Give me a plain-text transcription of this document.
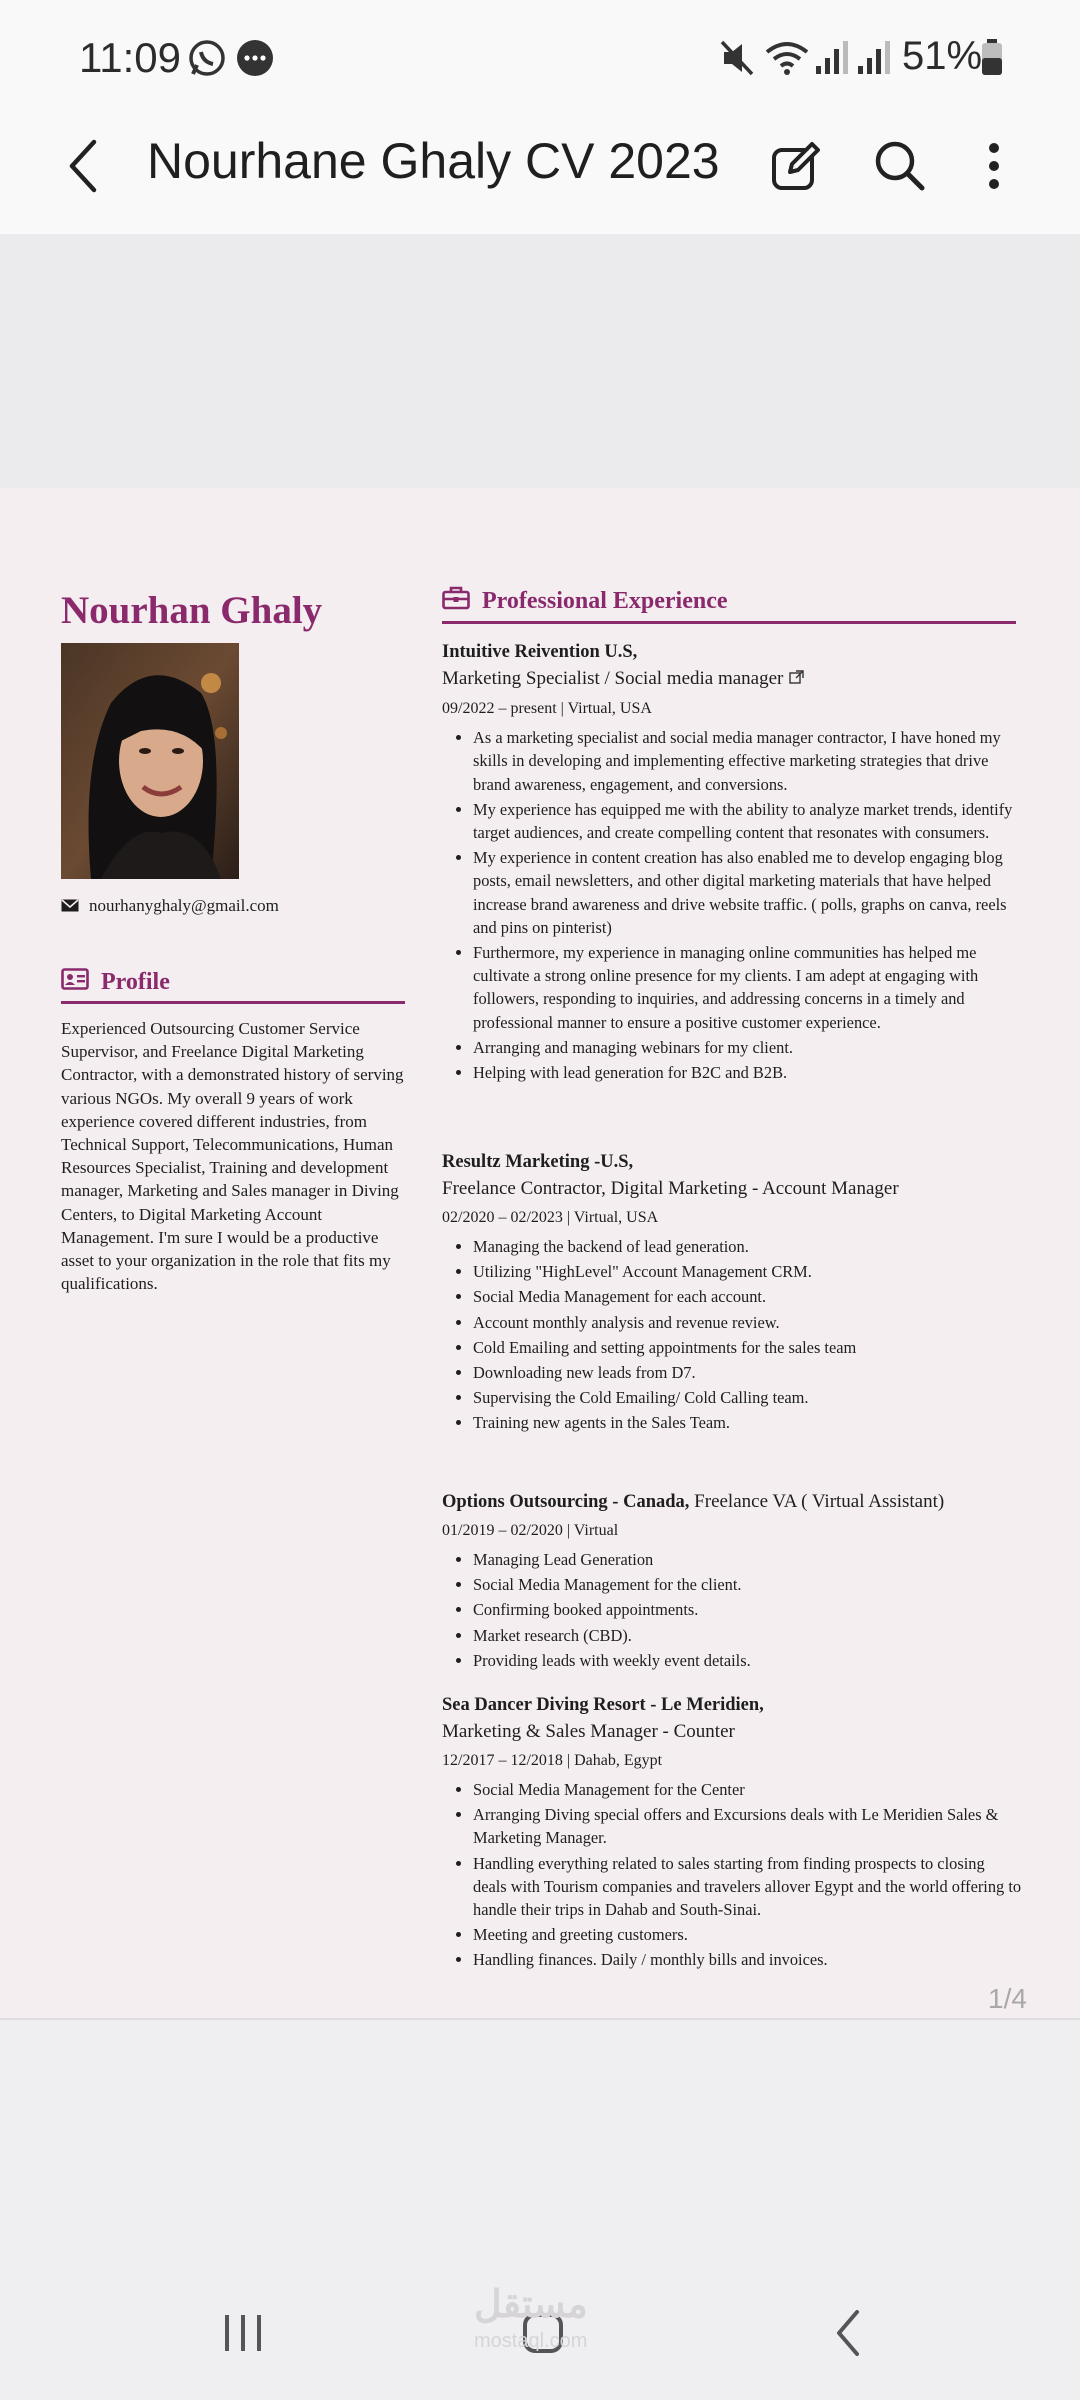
11:09	51%
Nourhane Ghaly CV 2023
Nourhan Ghaly
nourhanyghaly@gmail.com
Profile
Experienced Outsourcing Customer Service Supervisor, and Freelance Digital Marketing Contractor, with a demonstrated history of serving various NGOs. My overall 9 years of work experience covered different industries, from Technical Support, Telecommunications, Human Resources Specialist, Training and development manager, Marketing and Sales manager in Diving Centers, to Digital Marketing Account Management. I'm sure I would be a productive asset to your organization in the role that fits my qualifications.
Professional Experience
Intuitive Reivention U.S,
Marketing Specialist / Social media manager
09/2022 – present | Virtual, USA
• As a marketing specialist and social media manager contractor, I have honed my skills in developing and implementing effective marketing strategies that drive brand awareness, engagement, and conversions.
• My experience has equipped me with the ability to analyze market trends, identify target audiences, and create compelling content that resonates with consumers.
• My experience in content creation has also enabled me to develop engaging blog posts, email newsletters, and other digital marketing materials that have helped increase brand awareness and drive website traffic. ( polls, graphs on canva, reels and pins on pinterist)
• Furthermore, my experience in managing online communities has helped me cultivate a strong online presence for my clients. I am adept at engaging with followers, responding to inquiries, and addressing concerns in a timely and professional manner to ensure a positive customer experience.
• Arranging and managing webinars for my client.
• Helping with lead generation for B2C and B2B.
Resultz Marketing -U.S,
Freelance Contractor, Digital Marketing - Account Manager
02/2020 – 02/2023 | Virtual, USA
• Managing the backend of lead generation.
• Utilizing "HighLevel" Account Management CRM.
• Social Media Management for each account.
• Account monthly analysis and revenue review.
• Cold Emailing and setting appointments for the sales team
• Downloading new leads from D7.
• Supervising the Cold Emailing/ Cold Calling team.
• Training new agents in the Sales Team.
Options Outsourcing - Canada, Freelance VA ( Virtual Assistant)
01/2019 – 02/2020 | Virtual
• Managing Lead Generation
• Social Media Management for the client.
• Confirming booked appointments.
• Market research (CBD).
• Providing leads with weekly event details.
Sea Dancer Diving Resort - Le Meridien,
Marketing & Sales Manager - Counter
12/2017 – 12/2018 | Dahab, Egypt
• Social Media Management for the Center
• Arranging Diving special offers and Excursions deals with Le Meridien Sales & Marketing Manager.
• Handling everything related to sales starting from finding prospects to closing deals with Tourism companies and travelers allover Egypt and the world offering to handle their trips in Dahab and South-Sinai.
• Meeting and greeting customers.
• Handling finances. Daily / monthly bills and invoices.
1/4
مستقل
mostaql.com
